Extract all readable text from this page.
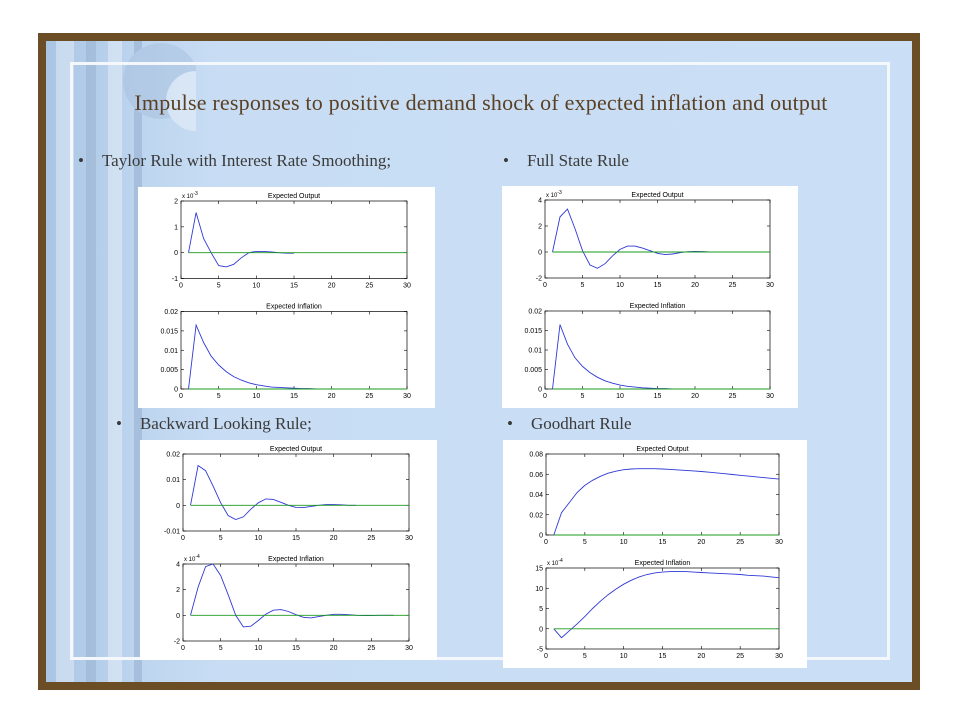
Impulse responses to positive demand shock of expected inflation and output
• Taylor Rule with Interest Rate Smoothing;	• Full State Rule
• Backward Looking Rule;	• Goodhart Rule
Expected Output
x $10^{-3}$
0	5	10	15	20	25	30
-1
0
1
2
Expected Inflation
0	5	10	15	20	25	30
0
0.005
0.01
0.015
0.02
Expected Output
x $10^{-3}$
0	5	10	15	20	25	30
-2
0
2
4
Expected Inflation
0	5	10	15	20	25	30
0
0.005
0.01
0.015
0.02
Expected Output
0	5	10	15	20	25	30
-0.01
0
0.01
0.02
Expected Inflation
x $10^{-4}$
0	5	10	15	20	25	30
-2
0
2
4
Expected Output
0	5	10	15	20	25	30
0
0.02
0.04
0.06
0.08
Expected Inflation
x $10^{-4}$
0	5	10	15	20	25	30
-5
0
5
10
15
